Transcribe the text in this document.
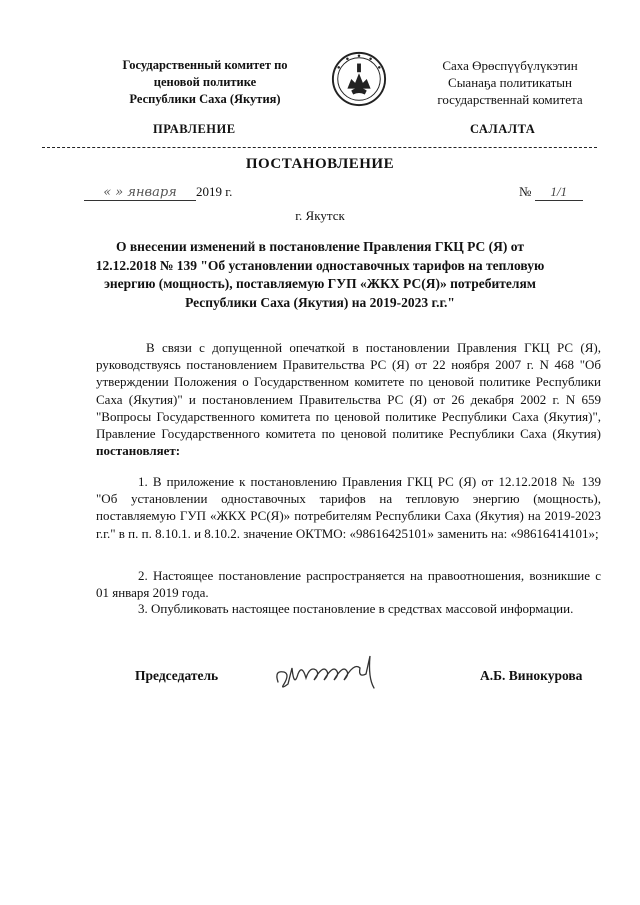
Государственный комитет по
ценовой политике
Республики Саха (Якутия)
Саха Өрөспүүбүлүкэтин
Сыанаҕа политикатын
государственнай комитета
ПРАВЛЕНИЕ	САЛАЛТА
ПОСТАНОВЛЕНИЕ
« » января 2019 г.	№ 1/1
г. Якутск
О внесении изменений в постановление Правления ГКЦ РС (Я) от 12.12.2018 № 139 "Об установлении одноставочных тарифов на тепловую энергию (мощность), поставляемую ГУП «ЖКХ РС(Я)» потребителям Республики Саха (Якутия) на 2019-2023 г.г."
В связи с допущенной опечаткой в постановлении Правления ГКЦ РС (Я), руководствуясь постановлением Правительства РС (Я) от 22 ноября 2007 г. N 468 "Об утверждении Положения о Государственном комитете по ценовой политике Республики Саха (Якутия)" и постановлением Правительства РС (Я) от 26 декабря 2002 г. N 659 "Вопросы Государственного комитета по ценовой политике Республики Саха (Якутия)", Правление Государственного комитета по ценовой политике Республики Саха (Якутия) постановляет:
1. В приложение к постановлению Правления ГКЦ РС (Я) от 12.12.2018 № 139 "Об установлении одноставочных тарифов на тепловую энергию (мощность), поставляемую ГУП «ЖКХ РС(Я)» потребителям Республики Саха (Якутия) на 2019-2023 г.г." в п. п. 8.10.1. и 8.10.2. значение ОКТМО: «98616425101» заменить на: «98616414101»;
2. Настоящее постановление распространяется на правоотношения, возникшие с 01 января 2019 года.
3. Опубликовать настоящее постановление в средствах массовой информации.
Председатель	А.Б. Винокурова
